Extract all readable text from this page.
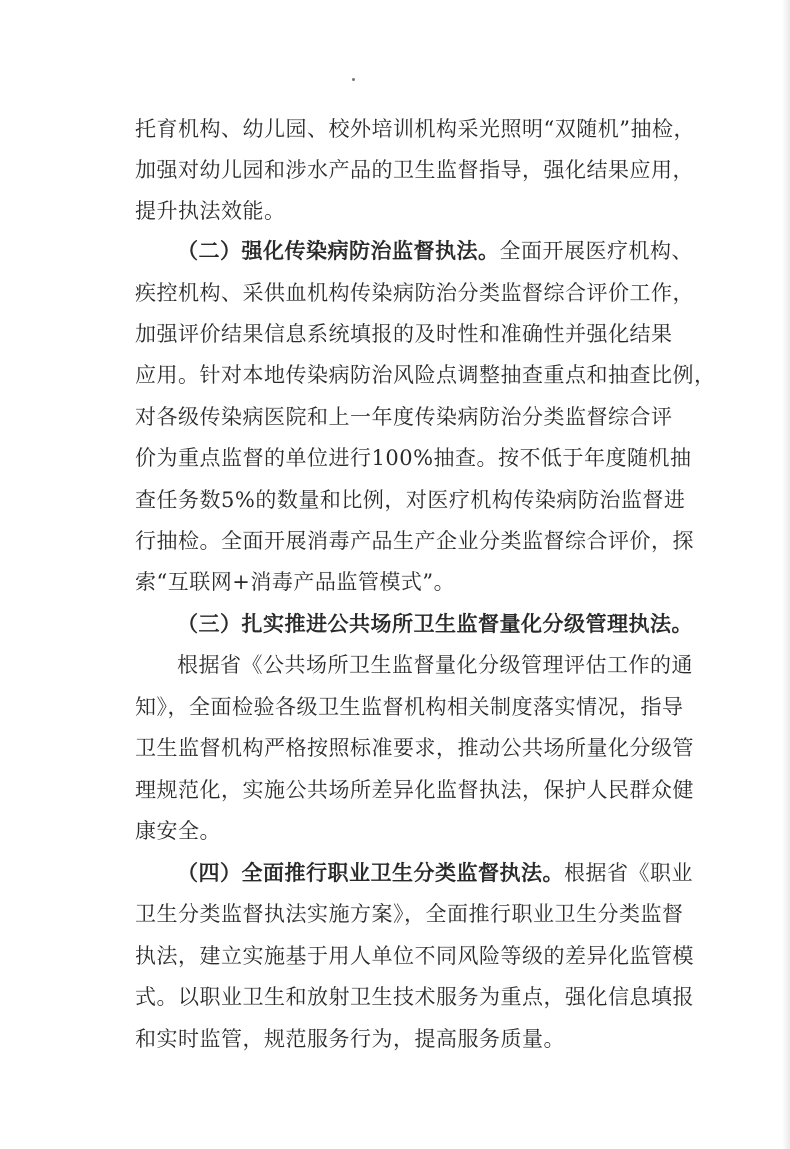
托育机构、幼儿园、校外培训机构采光照明“双随机”抽检，
加强对幼儿园和涉水产品的卫生监督指导，强化结果应用，
提升执法效能。
（二）强化传染病防治监督执法。全面开展医疗机构、
疾控机构、采供血机构传染病防治分类监督综合评价工作，
加强评价结果信息系统填报的及时性和准确性并强化结果
应用。针对本地传染病防治风险点调整抽查重点和抽查比例，
对各级传染病医院和上一年度传染病防治分类监督综合评
价为重点监督的单位进行100%抽查。按不低于年度随机抽
查任务数5%的数量和比例，对医疗机构传染病防治监督进
行抽检。全面开展消毒产品生产企业分类监督综合评价，探
索“互联网+消毒产品监管模式”。
（三）扎实推进公共场所卫生监督量化分级管理执法。
根据省《公共场所卫生监督量化分级管理评估工作的通
知》，全面检验各级卫生监督机构相关制度落实情况，指导
卫生监督机构严格按照标准要求，推动公共场所量化分级管
理规范化，实施公共场所差异化监督执法，保护人民群众健
康安全。
（四）全面推行职业卫生分类监督执法。根据省《职业
卫生分类监督执法实施方案》，全面推行职业卫生分类监督
执法，建立实施基于用人单位不同风险等级的差异化监管模
式。以职业卫生和放射卫生技术服务为重点，强化信息填报
和实时监管，规范服务行为，提高服务质量。
